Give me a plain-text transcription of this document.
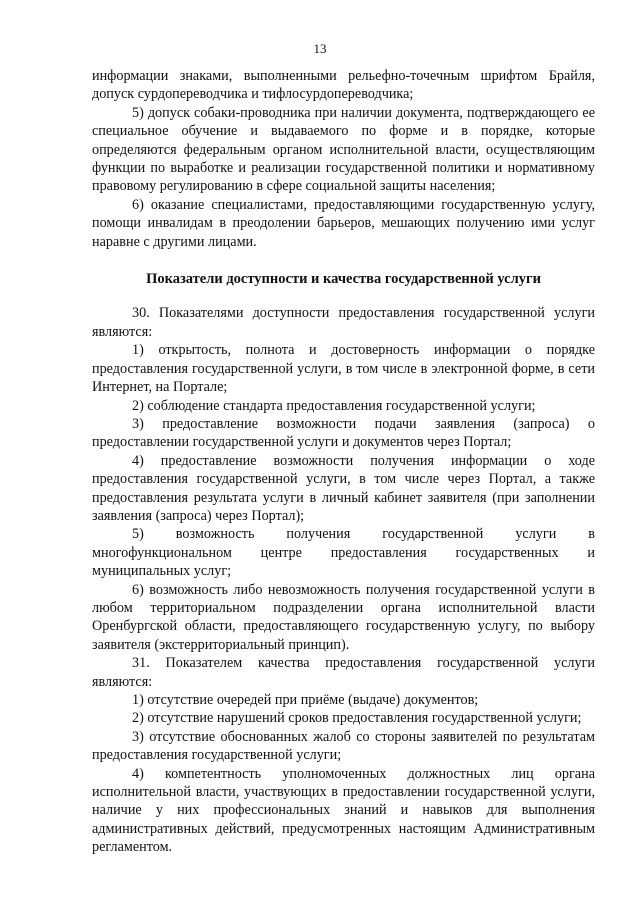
13

информации знаками, выполненными рельефно-точечным шрифтом Брайля, допуск сурдопереводчика и тифлосурдопереводчика;

5) допуск собаки-проводника при наличии документа, подтверждающего ее специальное обучение и выдаваемого по форме и в порядке, которые определяются федеральным органом исполнительной власти, осуществляющим функции по выработке и реализации государственной политики и нормативному правовому регулированию в сфере социальной защиты населения;

6) оказание специалистами, предоставляющими государственную услугу, помощи инвалидам в преодолении барьеров, мешающих получению ими услуг наравне с другими лицами.

Показатели доступности и качества государственной услуги

30. Показателями доступности предоставления государственной услуги являются:

1) открытость, полнота и достоверность информации о порядке предоставления государственной услуги, в том числе в электронной форме, в сети Интернет, на Портале;

2) соблюдение стандарта предоставления государственной услуги;

3) предоставление возможности подачи заявления (запроса) о предоставлении государственной услуги и документов через Портал;

4) предоставление возможности получения информации о ходе предоставления государственной услуги, в том числе через Портал, а также предоставления результата услуги в личный кабинет заявителя (при заполнении заявления (запроса) через Портал);

5) возможность получения государственной услуги в многофункциональном центре предоставления государственных и муниципальных услуг;

6) возможность либо невозможность получения государственной услуги в любом территориальном подразделении органа исполнительной власти Оренбургской области, предоставляющего государственную услугу, по выбору заявителя (экстерриториальный принцип).

31. Показателем качества предоставления государственной услуги являются:

1) отсутствие очередей при приёме (выдаче) документов;

2) отсутствие нарушений сроков предоставления государственной услуги;

3) отсутствие обоснованных жалоб со стороны заявителей по результатам предоставления государственной услуги;

4) компетентность уполномоченных должностных лиц органа исполнительной власти, участвующих в предоставлении государственной услуги, наличие у них профессиональных знаний и навыков для выполнения административных действий, предусмотренных настоящим Административным регламентом.
